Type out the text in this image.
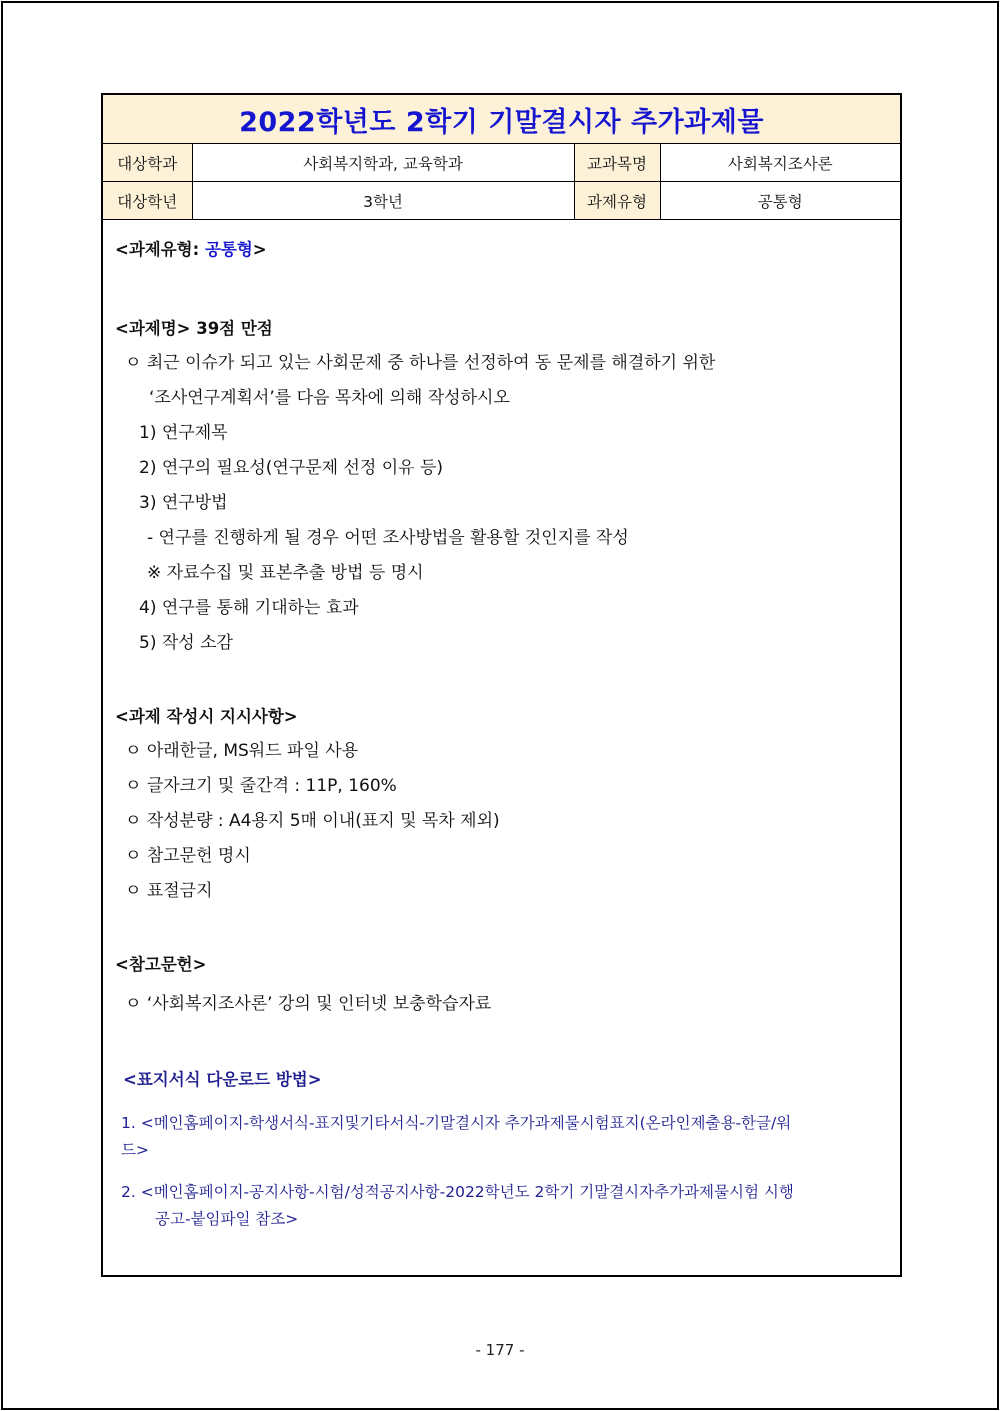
2022학년도 2학기 기말결시자 추가과제물
대상학과	사회복지학과, 교육학과	교과목명	사회복지조사론
대상학년	3학년	과제유형	공통형
<과제유형: 공통형>
<과제명> 39점 만점
ㅇ 최근 이슈가 되고 있는 사회문제 중 하나를 선정하여 동 문제를 해결하기 위한
‘조사연구계획서’를 다음 목차에 의해 작성하시오
1) 연구제목
2) 연구의 필요성(연구문제 선정 이유 등)
3) 연구방법
- 연구를 진행하게 될 경우 어떤 조사방법을 활용할 것인지를 작성
※ 자료수집 및 표본추출 방법 등 명시
4) 연구를 통해 기대하는 효과
5) 작성 소감
<과제 작성시 지시사항>
ㅇ 아래한글, MS워드 파일 사용
ㅇ 글자크기 및 줄간격 : 11P, 160%
ㅇ 작성분량 : A4용지 5매 이내(표지 및 목차 제외)
ㅇ 참고문헌 명시
ㅇ 표절금지
<참고문헌>
ㅇ ‘사회복지조사론’ 강의 및 인터넷 보충학습자료
<표지서식 다운로드 방법>
1. <메인홈페이지-학생서식-표지및기타서식-기말결시자 추가과제물시험표지(온라인제출용-한글/워
드>
2. <메인홈페이지-공지사항-시험/성적공지사항-2022학년도 2학기 기말결시자추가과제물시험 시행
공고-붙임파일 참조>
- 177 -
